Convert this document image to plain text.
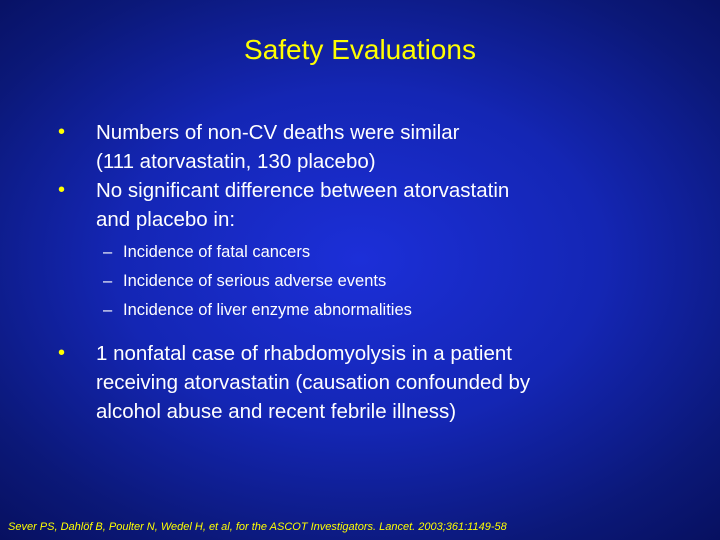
Safety Evaluations
• Numbers of non-CV deaths were similar
(111 atorvastatin, 130 placebo)
• No significant difference between atorvastatin
and placebo in:
– Incidence of fatal cancers
– Incidence of serious adverse events
– Incidence of liver enzyme abnormalities
• 1 nonfatal case of rhabdomyolysis in a patient
receiving atorvastatin (causation confounded by
alcohol abuse and recent febrile illness)
Sever PS, Dahlöf B, Poulter N, Wedel H, et al, for the ASCOT Investigators. Lancet. 2003;361:1149-58
